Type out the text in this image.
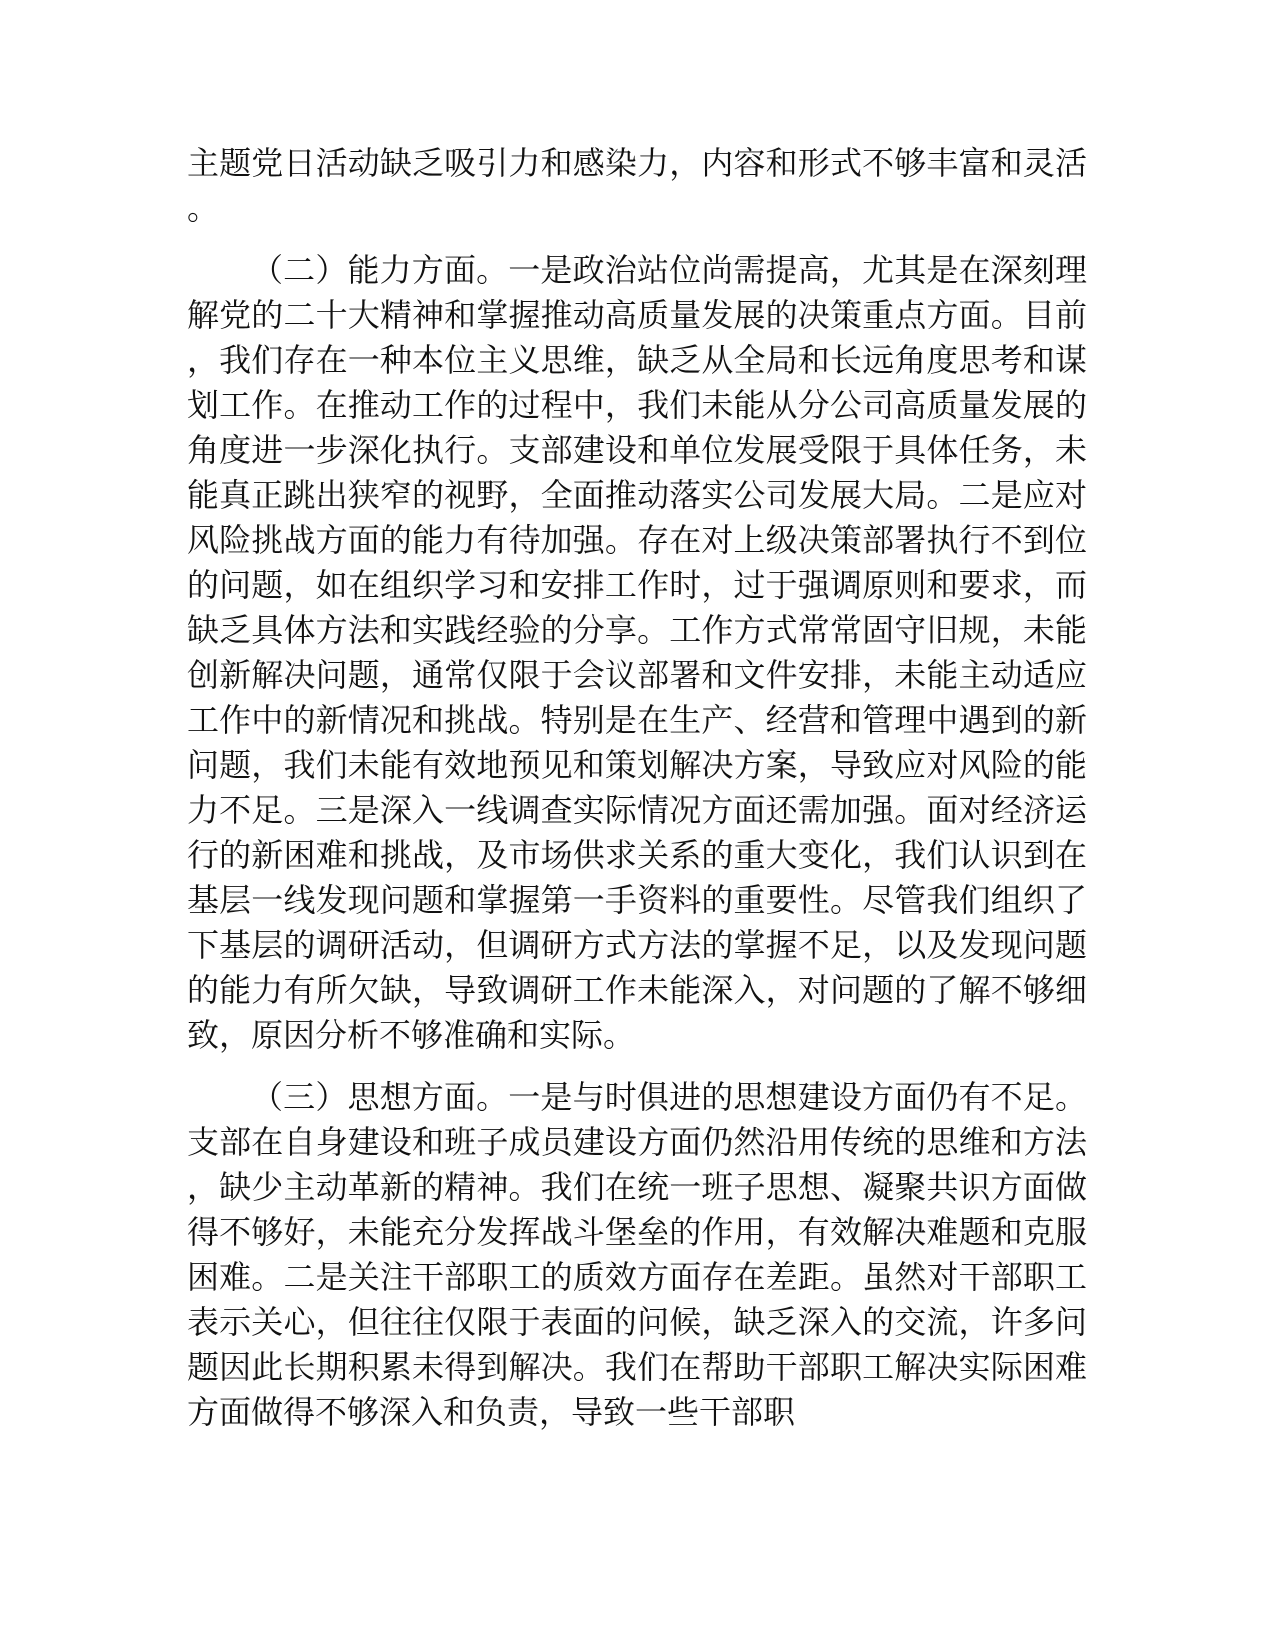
主题党日活动缺乏吸引力和感染力，内容和形式不够丰富和灵活。

（二）能力方面。一是政治站位尚需提高，尤其是在深刻理解党的二十大精神和掌握推动高质量发展的决策重点方面。目前，我们存在一种本位主义思维，缺乏从全局和长远角度思考和谋划工作。在推动工作的过程中，我们未能从分公司高质量发展的角度进一步深化执行。支部建设和单位发展受限于具体任务，未能真正跳出狭窄的视野，全面推动落实公司发展大局。二是应对风险挑战方面的能力有待加强。存在对上级决策部署执行不到位的问题，如在组织学习和安排工作时，过于强调原则和要求，而缺乏具体方法和实践经验的分享。工作方式常常固守旧规，未能创新解决问题，通常仅限于会议部署和文件安排，未能主动适应工作中的新情况和挑战。特别是在生产、经营和管理中遇到的新问题，我们未能有效地预见和策划解决方案，导致应对风险的能力不足。三是深入一线调查实际情况方面还需加强。面对经济运行的新困难和挑战，及市场供求关系的重大变化，我们认识到在基层一线发现问题和掌握第一手资料的重要性。尽管我们组织了下基层的调研活动，但调研方式方法的掌握不足，以及发现问题的能力有所欠缺，导致调研工作未能深入，对问题的了解不够细致，原因分析不够准确和实际。

（三）思想方面。一是与时俱进的思想建设方面仍有不足。支部在自身建设和班子成员建设方面仍然沿用传统的思维和方法，缺少主动革新的精神。我们在统一班子思想、凝聚共识方面做得不够好，未能充分发挥战斗堡垒的作用，有效解决难题和克服困难。二是关注干部职工的质效方面存在差距。虽然对干部职工表示关心，但往往仅限于表面的问候，缺乏深入的交流，许多问题因此长期积累未得到解决。我们在帮助干部职工解决实际困难方面做得不够深入和负责，导致一些干部职
